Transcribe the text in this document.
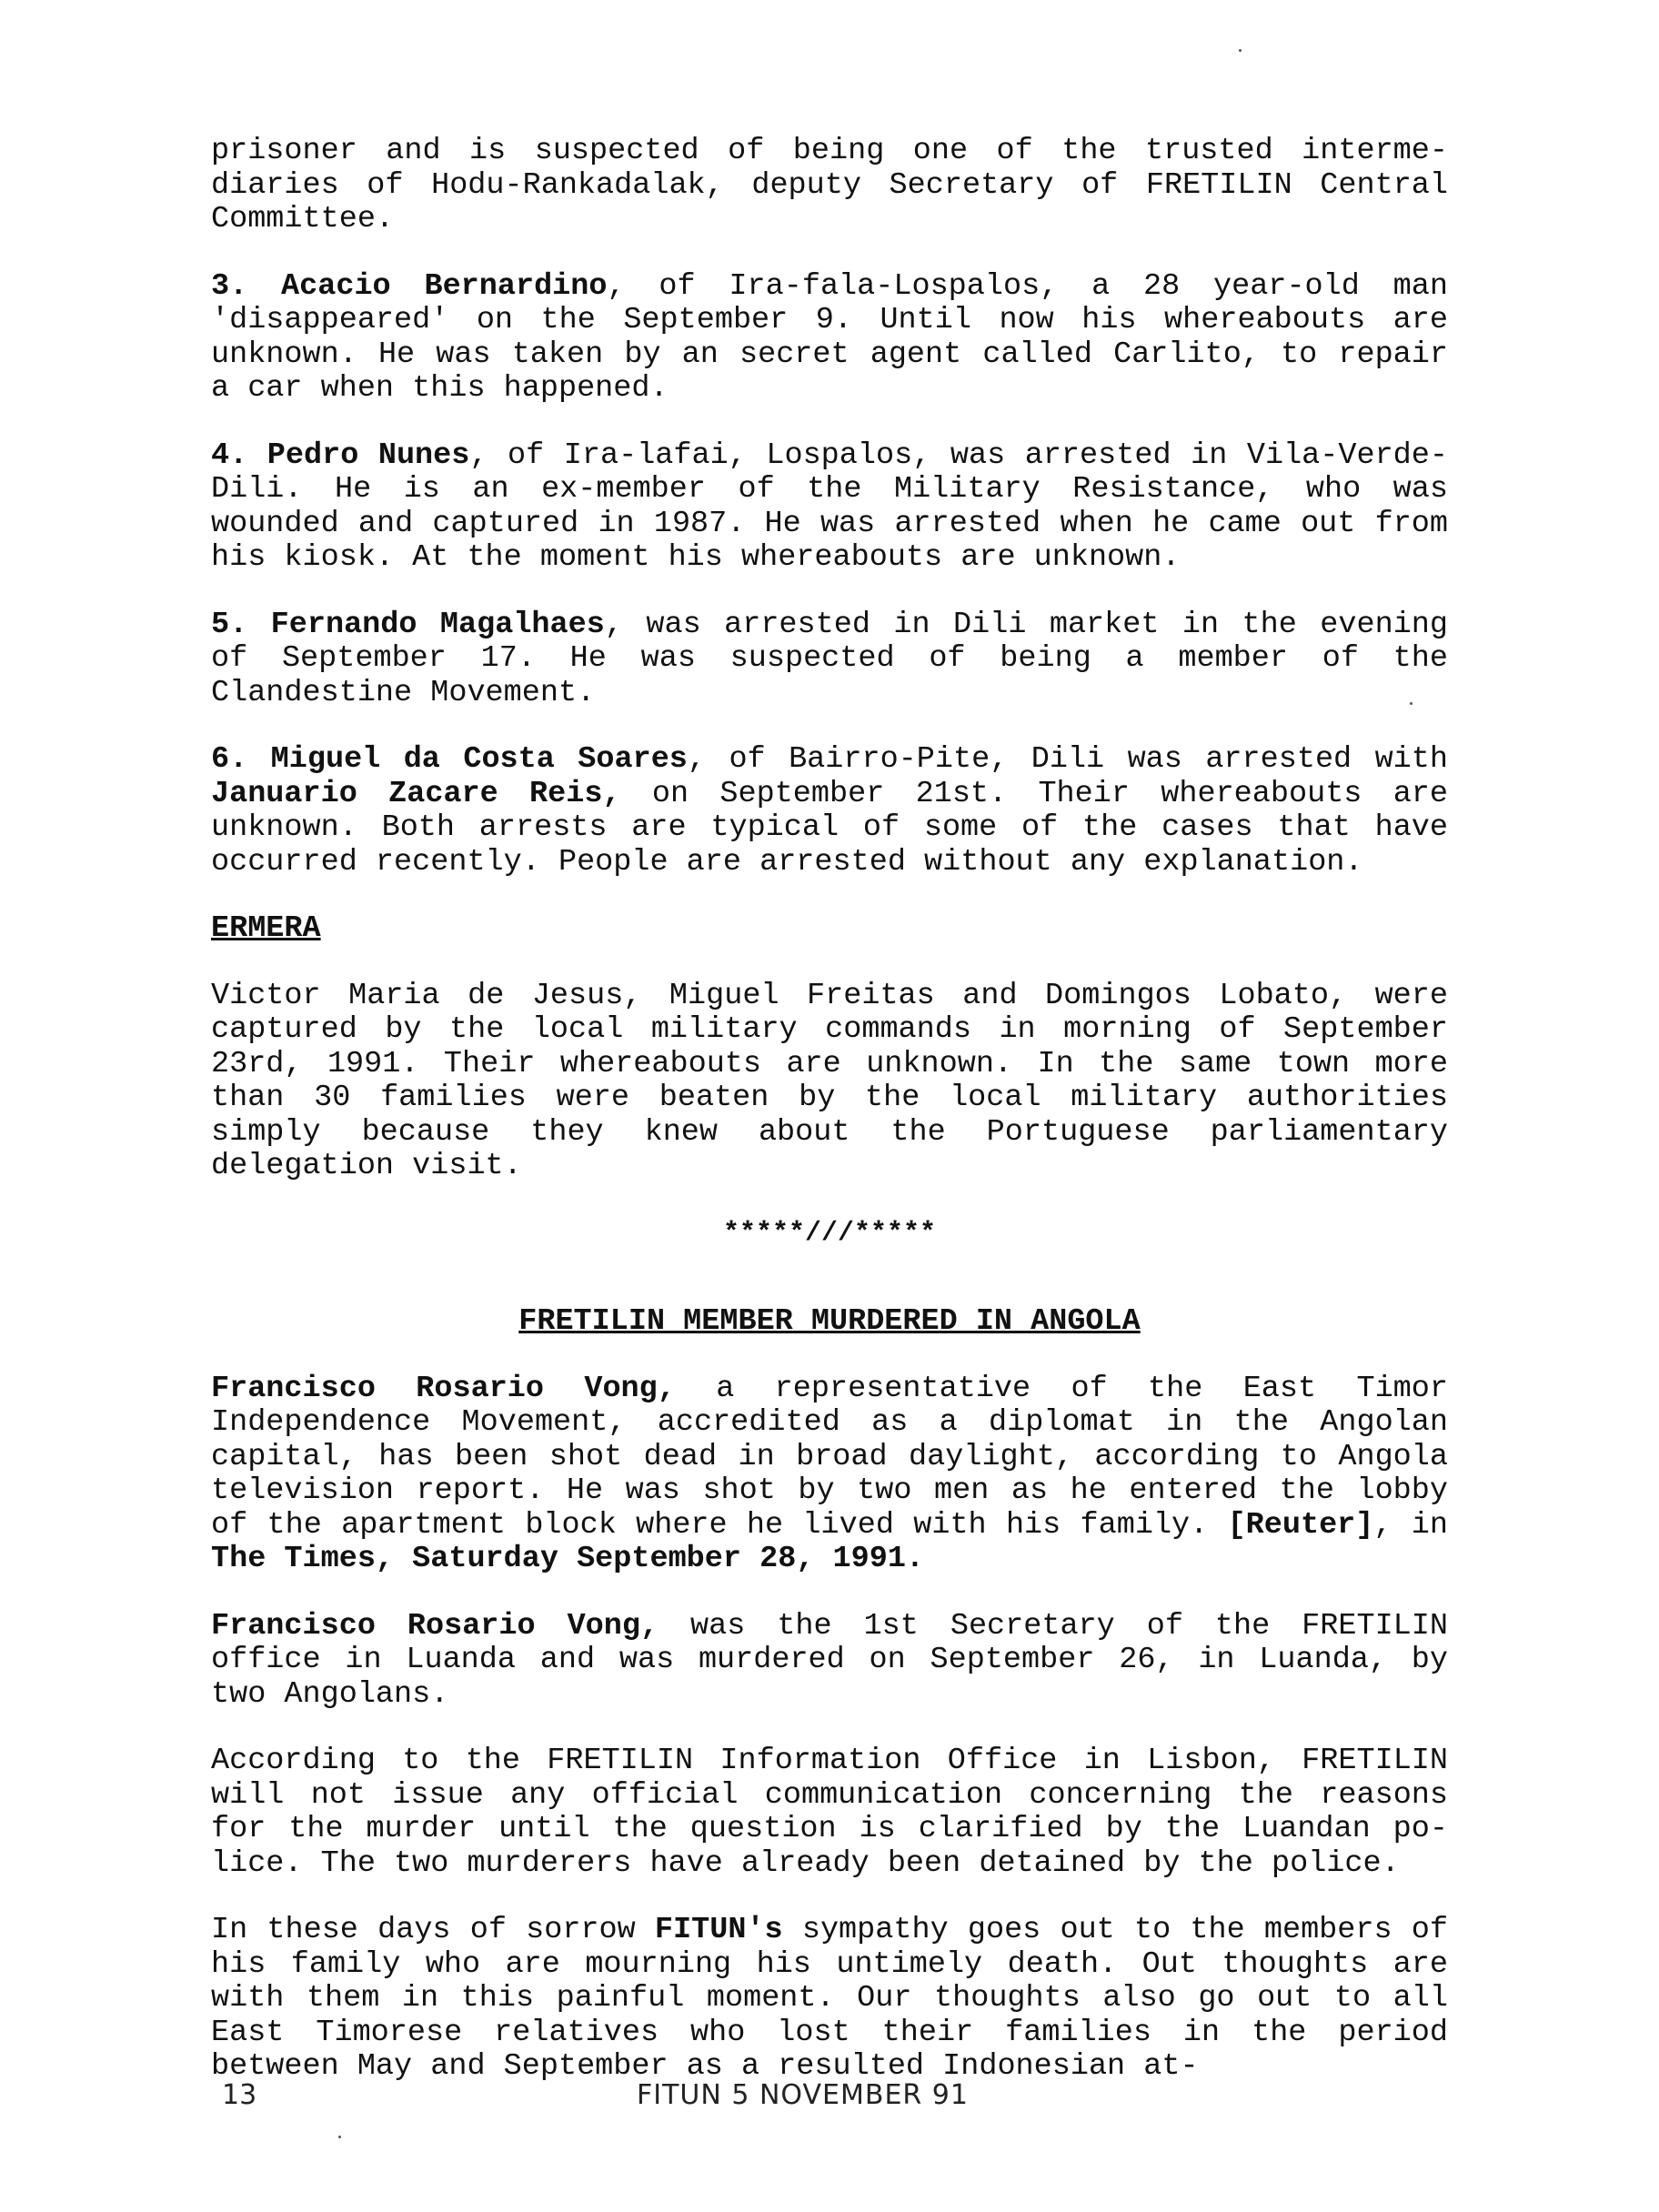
prisoner and is suspected of being one of the trusted interme-diaries of Hodu-Rankadalak, deputy Secretary of FRETILIN Central Committee.

3. Acacio Bernardino, of Ira-fala-Lospalos, a 28 year-old man 'disappeared' on the September 9. Until now his whereabouts are unknown. He was taken by an secret agent called Carlito, to repair a car when this happened.

4. Pedro Nunes, of Ira-lafai, Lospalos, was arrested in Vila-Verde-Dili. He is an ex-member of the Military Resistance, who was wounded and captured in 1987. He was arrested when he came out from his kiosk. At the moment his whereabouts are unknown.

5. Fernando Magalhaes, was arrested in Dili market in the evening of September 17. He was suspected of being a member of the Clandestine Movement.

6. Miguel da Costa Soares, of Bairro-Pite, Dili was arrested with Januario Zacare Reis, on September 21st. Their whereabouts are unknown. Both arrests are typical of some of the cases that have occurred recently. People are arrested without any explanation.

ERMERA

Victor Maria de Jesus, Miguel Freitas and Domingos Lobato, were captured by the local military commands in morning of September 23rd, 1991. Their whereabouts are unknown. In the same town more than 30 families were beaten by the local military authorities simply because they knew about the Portuguese parliamentary delegation visit.

*****///*****
FRETILIN MEMBER MURDERED IN ANGOLA

Francisco Rosario Vong, a representative of the East Timor Independence Movement, accredited as a diplomat in the Angolan capital, has been shot dead in broad daylight, according to Angola television report. He was shot by two men as he entered the lobby of the apartment block where he lived with his family. [Reuter], in The Times, Saturday September 28, 1991.

Francisco Rosario Vong, was the 1st Secretary of the FRETILIN office in Luanda and was murdered on September 26, in Luanda, by two Angolans.

According to the FRETILIN Information Office in Lisbon, FRETILIN will not issue any official communication concerning the reasons for the murder until the question is clarified by the Luandan po-lice. The two murderers have already been detained by the police.

In these days of sorrow FITUN's sympathy goes out to the members of his family who are mourning his untimely death. Out thoughts are with them in this painful moment. Our thoughts also go out to all East Timorese relatives who lost their families in the period between May and September as a resulted Indonesian at-

13	FITUN 5 NOVEMBER 91
